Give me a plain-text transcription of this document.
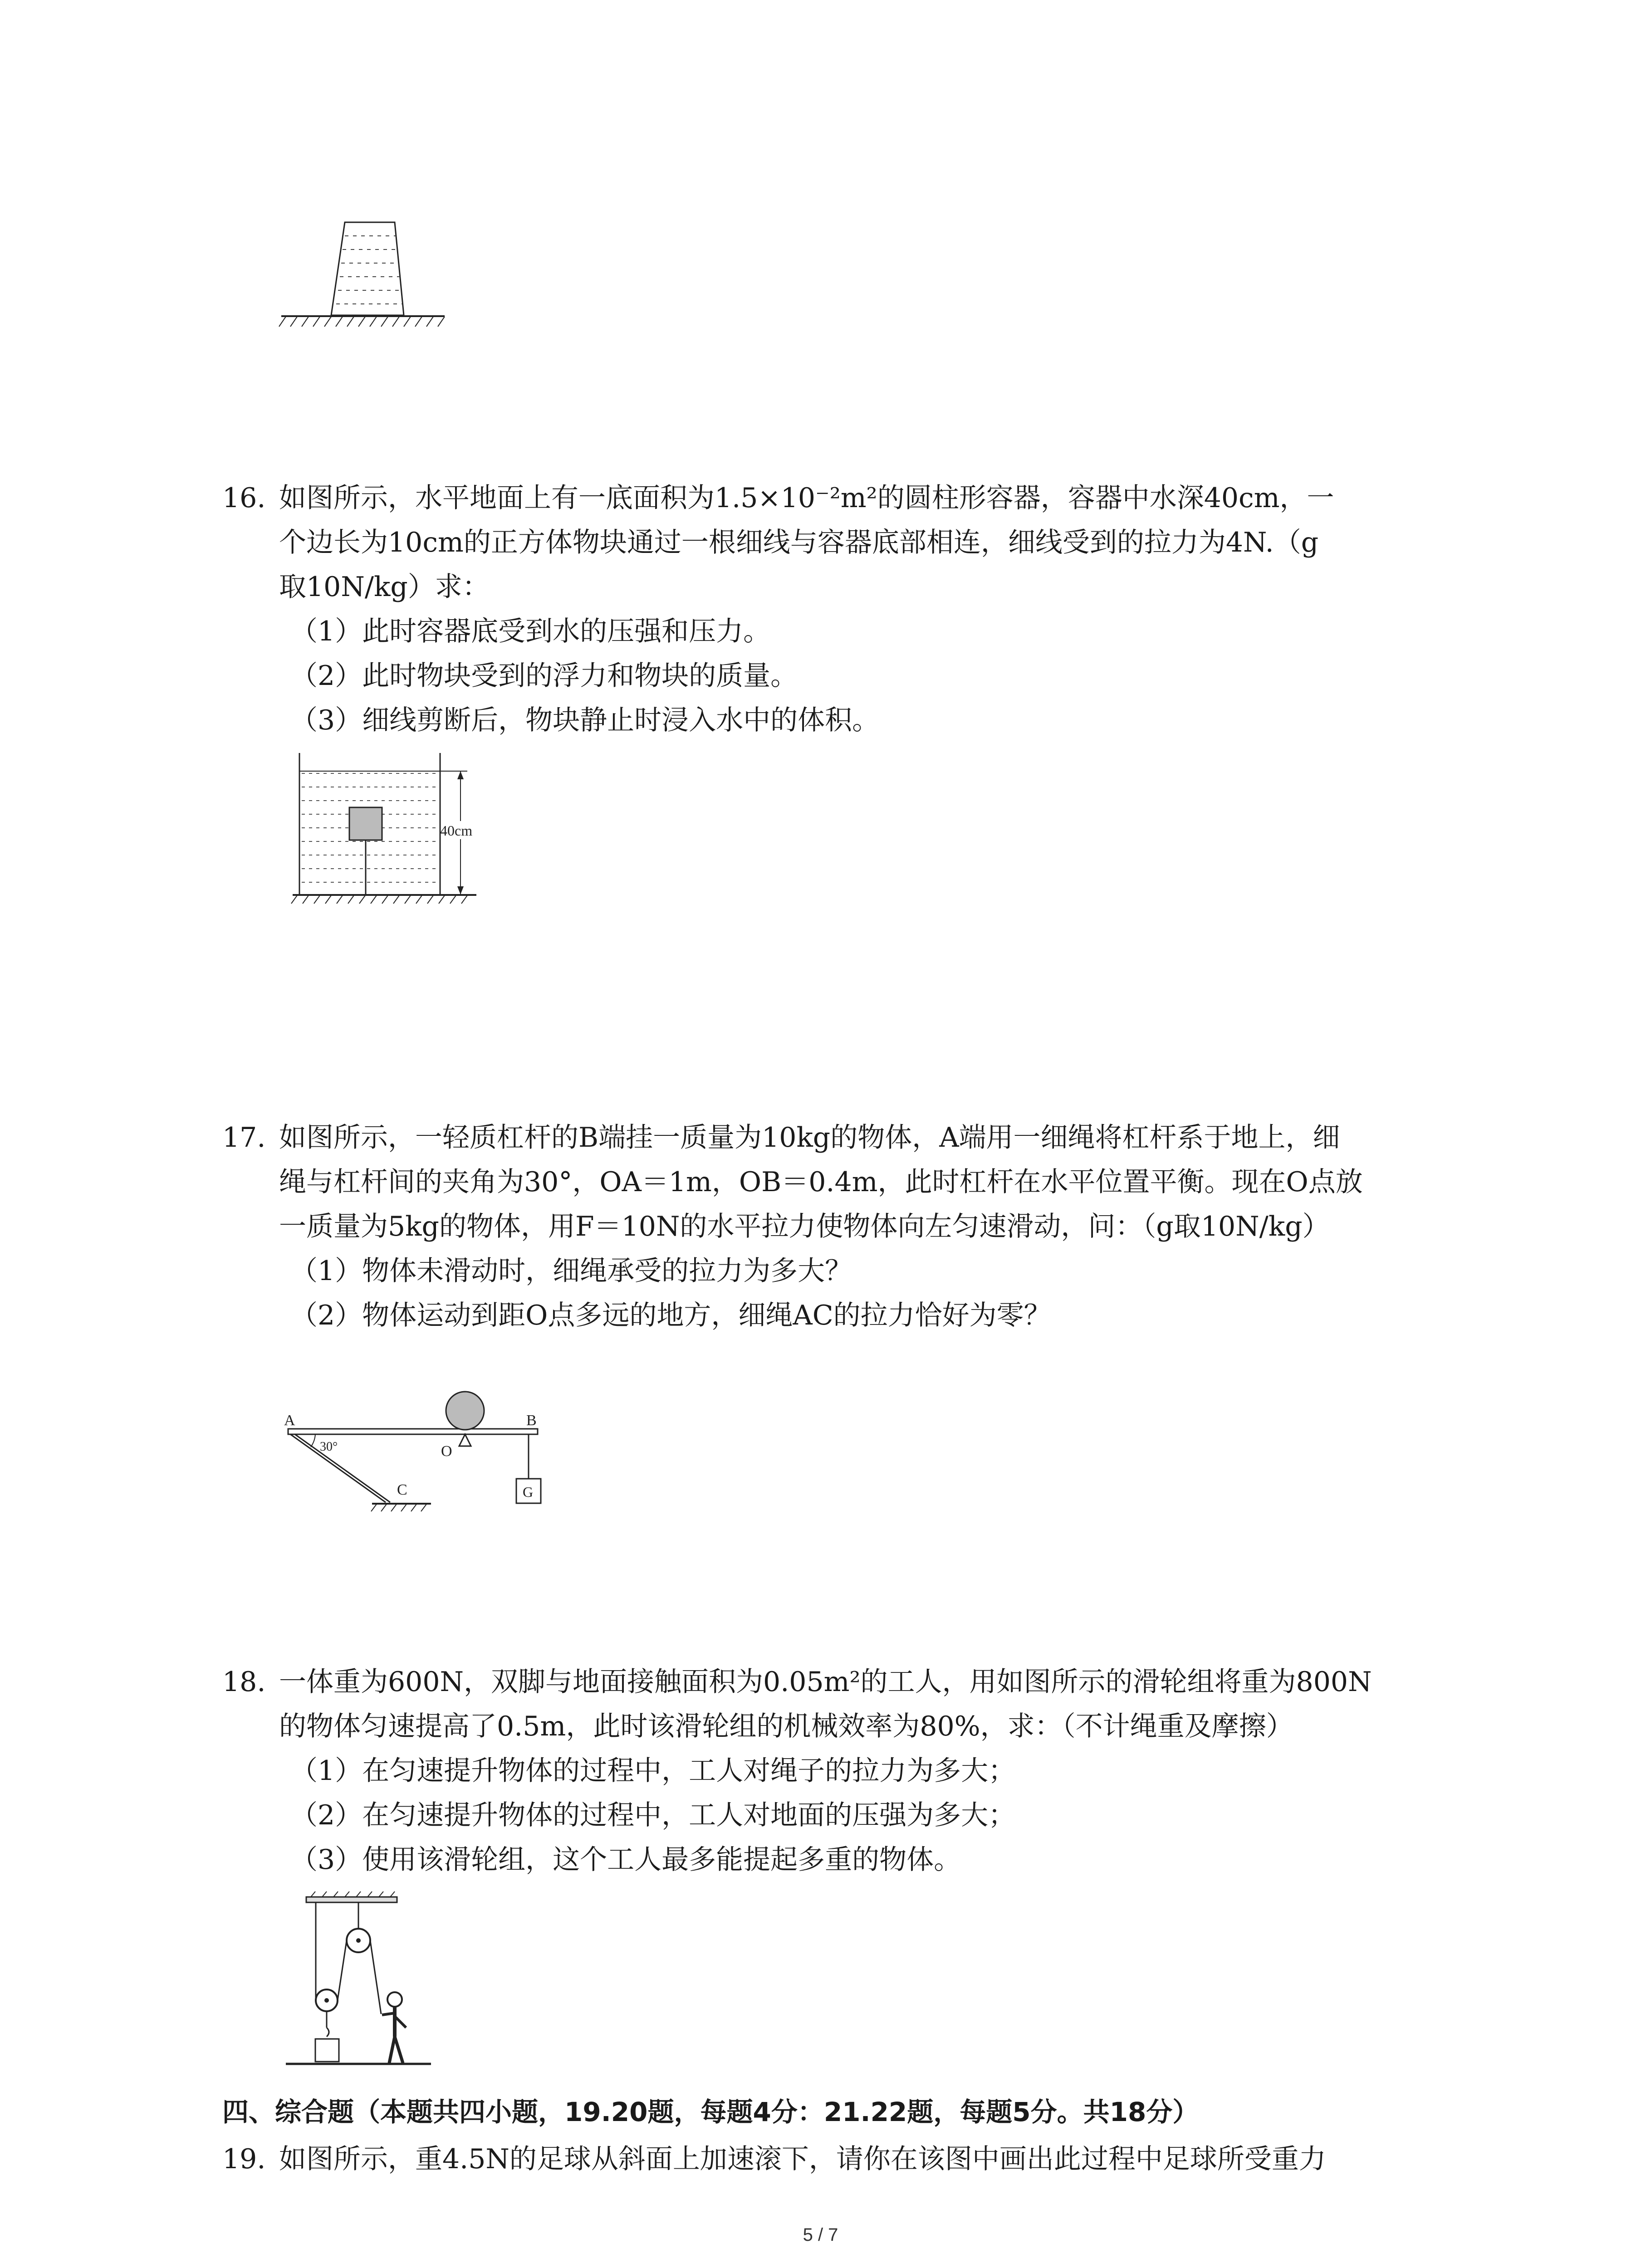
16. 如图所示，水平地面上有一底面积为1.5×10⁻²m²的圆柱形容器，容器中水深40cm，一
个边长为10cm的正方体物块通过一根细线与容器底部相连，细线受到的拉力为4N.（g
取10N/kg）求：
（1）此时容器底受到水的压强和压力。
（2）此时物块受到的浮力和物块的质量。
（3）细线剪断后，物块静止时浸入水中的体积。
40cm
17. 如图所示，一轻质杠杆的B端挂一质量为10kg的物体，A端用一细绳将杠杆系于地上，细
绳与杠杆间的夹角为30°，OA＝1m，OB＝0.4m，此时杠杆在水平位置平衡。现在O点放
一质量为5kg的物体，用F＝10N的水平拉力使物体向左匀速滑动，问：（g取10N/kg）
（1）物体未滑动时，细绳承受的拉力为多大？
（2）物体运动到距O点多远的地方，细绳AC的拉力恰好为零？
A	B
O
C	G
30°
18. 一体重为600N，双脚与地面接触面积为0.05m²的工人，用如图所示的滑轮组将重为800N
的物体匀速提高了0.5m，此时该滑轮组的机械效率为80%，求：（不计绳重及摩擦）
（1）在匀速提升物体的过程中，工人对绳子的拉力为多大；
（2）在匀速提升物体的过程中，工人对地面的压强为多大；
（3）使用该滑轮组，这个工人最多能提起多重的物体。
四、综合题（本题共四小题，19.20题，每题4分：21.22题，每题5分。共18分）
19. 如图所示，重4.5N的足球从斜面上加速滚下，请你在该图中画出此过程中足球所受重力
5 / 7
